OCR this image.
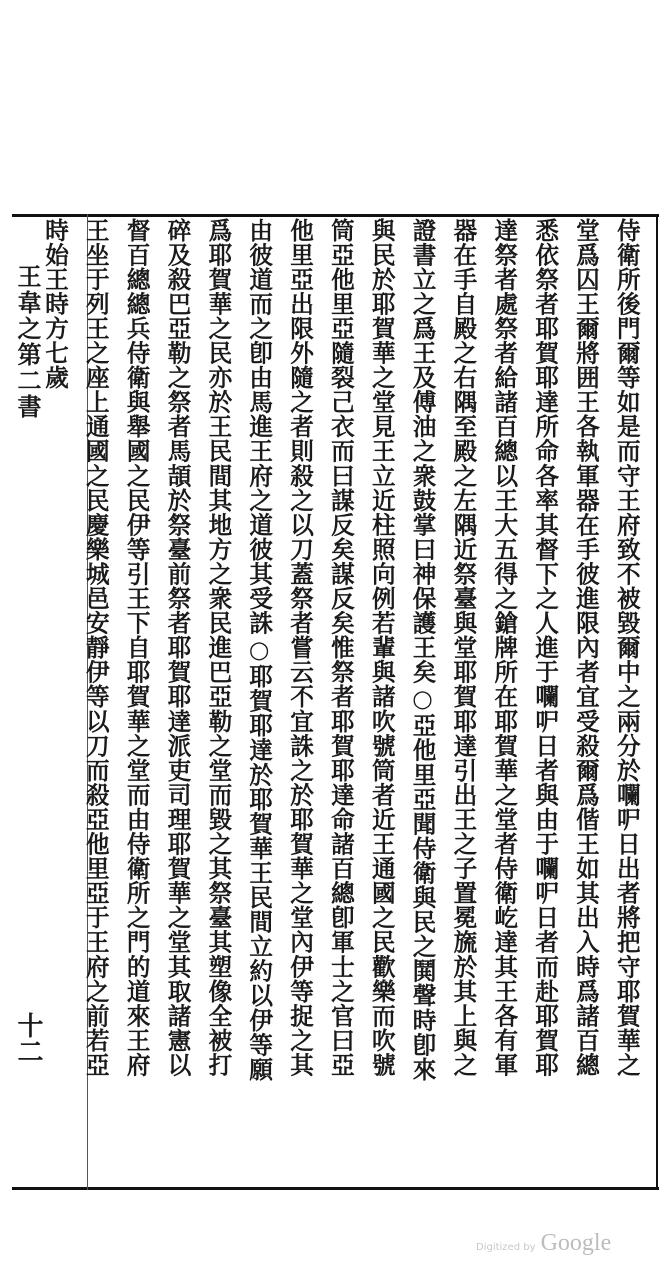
王韋之第二書
十二	侍衛所後門爾等如是而守王府致不被毀爾中之兩分於㘓㕧日出者將把守耶賀華之
堂爲囚王爾將囲王各執軍器在手彼進限內者宜受殺爾爲偕王如其出入時爲諸百總
悉依祭者耶賀耶達所命各率其督下之人進于㘓㕧日者與由于㘓㕧日者而赴耶賀耶
達祭者處祭者給諸百總以王大五得之鎗牌所在耶賀華之堂者侍衛屹達其王各有軍
器在手自殿之右隅至殿之左隅近祭臺與堂耶賀耶達引出王之子置冕旒於其上與之
證書立之爲王及傅油之衆鼓掌曰神保護王矣○亞他里亞聞侍衛與民之鬨聲時卽來
與民於耶賀華之堂見王立近柱照向例若輩與諸吹號筒者近王通國之民歡樂而吹號
筒亞他里亞隨裂己衣而曰謀反矣謀反矣惟祭者耶賀耶達命諸百總卽軍士之官曰亞
他里亞出限外隨之者則殺之以刀蓋祭者嘗云不宜誅之於耶賀華之堂內伊等捉之其
由彼道而之卽由馬進王府之道彼其受誅○耶賀耶達於耶賀華王民間立約以伊等願
爲耶賀華之民亦於王民間其地方之衆民進巴亞勒之堂而毀之其祭臺其塑像全被打
碎及殺巴亞勒之祭者馬頡於祭臺前祭者耶賀耶達派吏司理耶賀華之堂其取諸憲以
督百總總兵侍衛與舉國之民伊等引王下自耶賀華之堂而由侍衛所之門的道來王府
王坐于列王之座上通國之民慶樂城邑安靜伊等以刀而殺亞他里亞于王府之前若亞
時始王時方七歲
Digitized by Google
